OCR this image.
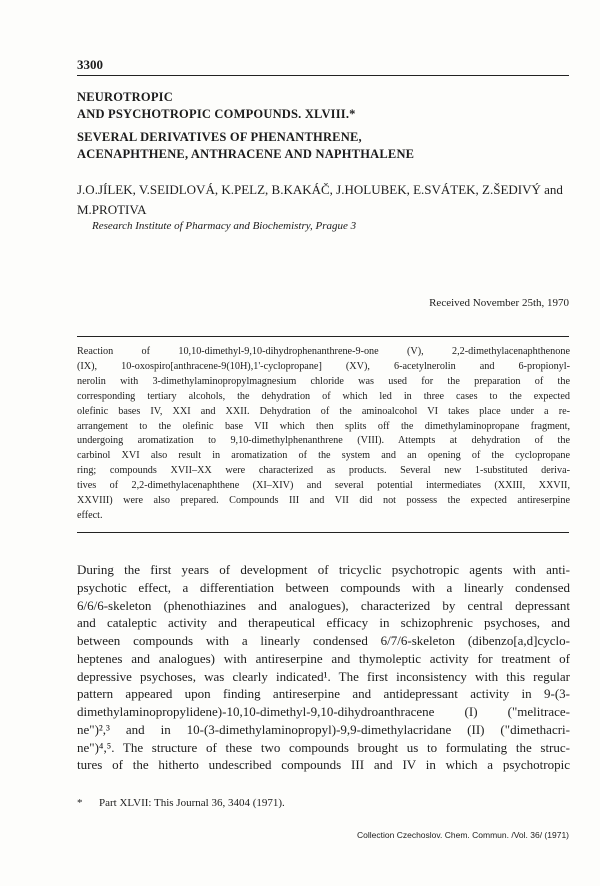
3300
NEUROTROPIC
AND PSYCHOTROPIC COMPOUNDS. XLVIII.*
SEVERAL DERIVATIVES OF PHENANTHRENE,
ACENAPHTHENE, ANTHRACENE AND NAPHTHALENE
J.O.JÍLEK, V.SEIDLOVÁ, K.PELZ, B.KAKÁČ, J.HOLUBEK, E.SVÁTEK, Z.ŠEDIVÝ and
M.PROTIVA
Research Institute of Pharmacy and Biochemistry, Prague 3
Received November 25th, 1970
Reaction of 10,10-dimethyl-9,10-dihydrophenanthrene-9-one (V), 2,2-dimethylacenaphthenone
(IX), 10-oxospiro[anthracene-9(10H),1'-cyclopropane] (XV), 6-acetylnerolin and 6-propionyl-
nerolin with 3-dimethylaminopropylmagnesium chloride was used for the preparation of the
corresponding tertiary alcohols, the dehydration of which led in three cases to the expected
olefinic bases IV, XXI and XXII. Dehydration of the aminoalcohol VI takes place under a re-
arrangement to the olefinic base VII which then splits off the dimethylaminopropane fragment,
undergoing aromatization to 9,10-dimethylphenanthrene (VIII). Attempts at dehydration of the
carbinol XVI also result in aromatization of the system and an opening of the cyclopropane
ring; compounds XVII–XX were characterized as products. Several new 1-substituted deriva-
tives of 2,2-dimethylacenaphthene (XI–XIV) and several potential intermediates (XXIII, XXVII,
XXVIII) were also prepared. Compounds III and VII did not possess the expected antireserpine
effect.
During the first years of development of tricyclic psychotropic agents with anti-
psychotic effect, a differentiation between compounds with a linearly condensed
6/6/6-skeleton (phenothiazines and analogues), characterized by central depressant
and cataleptic activity and therapeutical efficacy in schizophrenic psychoses, and
between compounds with a linearly condensed 6/7/6-skeleton (dibenzo[a,d]cyclo-
heptenes and analogues) with antireserpine and thymoleptic activity for treatment of
depressive psychoses, was clearly indicated¹. The first inconsistency with this regular
pattern appeared upon finding antireserpine and antidepressant activity in 9-(3-
dimethylaminopropylidene)-10,10-dimethyl-9,10-dihydroanthracene (I) ("melitrace-
ne")²,³ and in 10-(3-dimethylaminopropyl)-9,9-dimethylacridane (II) ("dimethacri-
ne")⁴,⁵. The structure of these two compounds brought us to formulating the struc-
tures of the hitherto undescribed compounds III and IV in which a psychotropic
* Part XLVII: This Journal 36, 3404 (1971).
Collection Czechoslov. Chem. Commun. /Vol. 36/ (1971)
